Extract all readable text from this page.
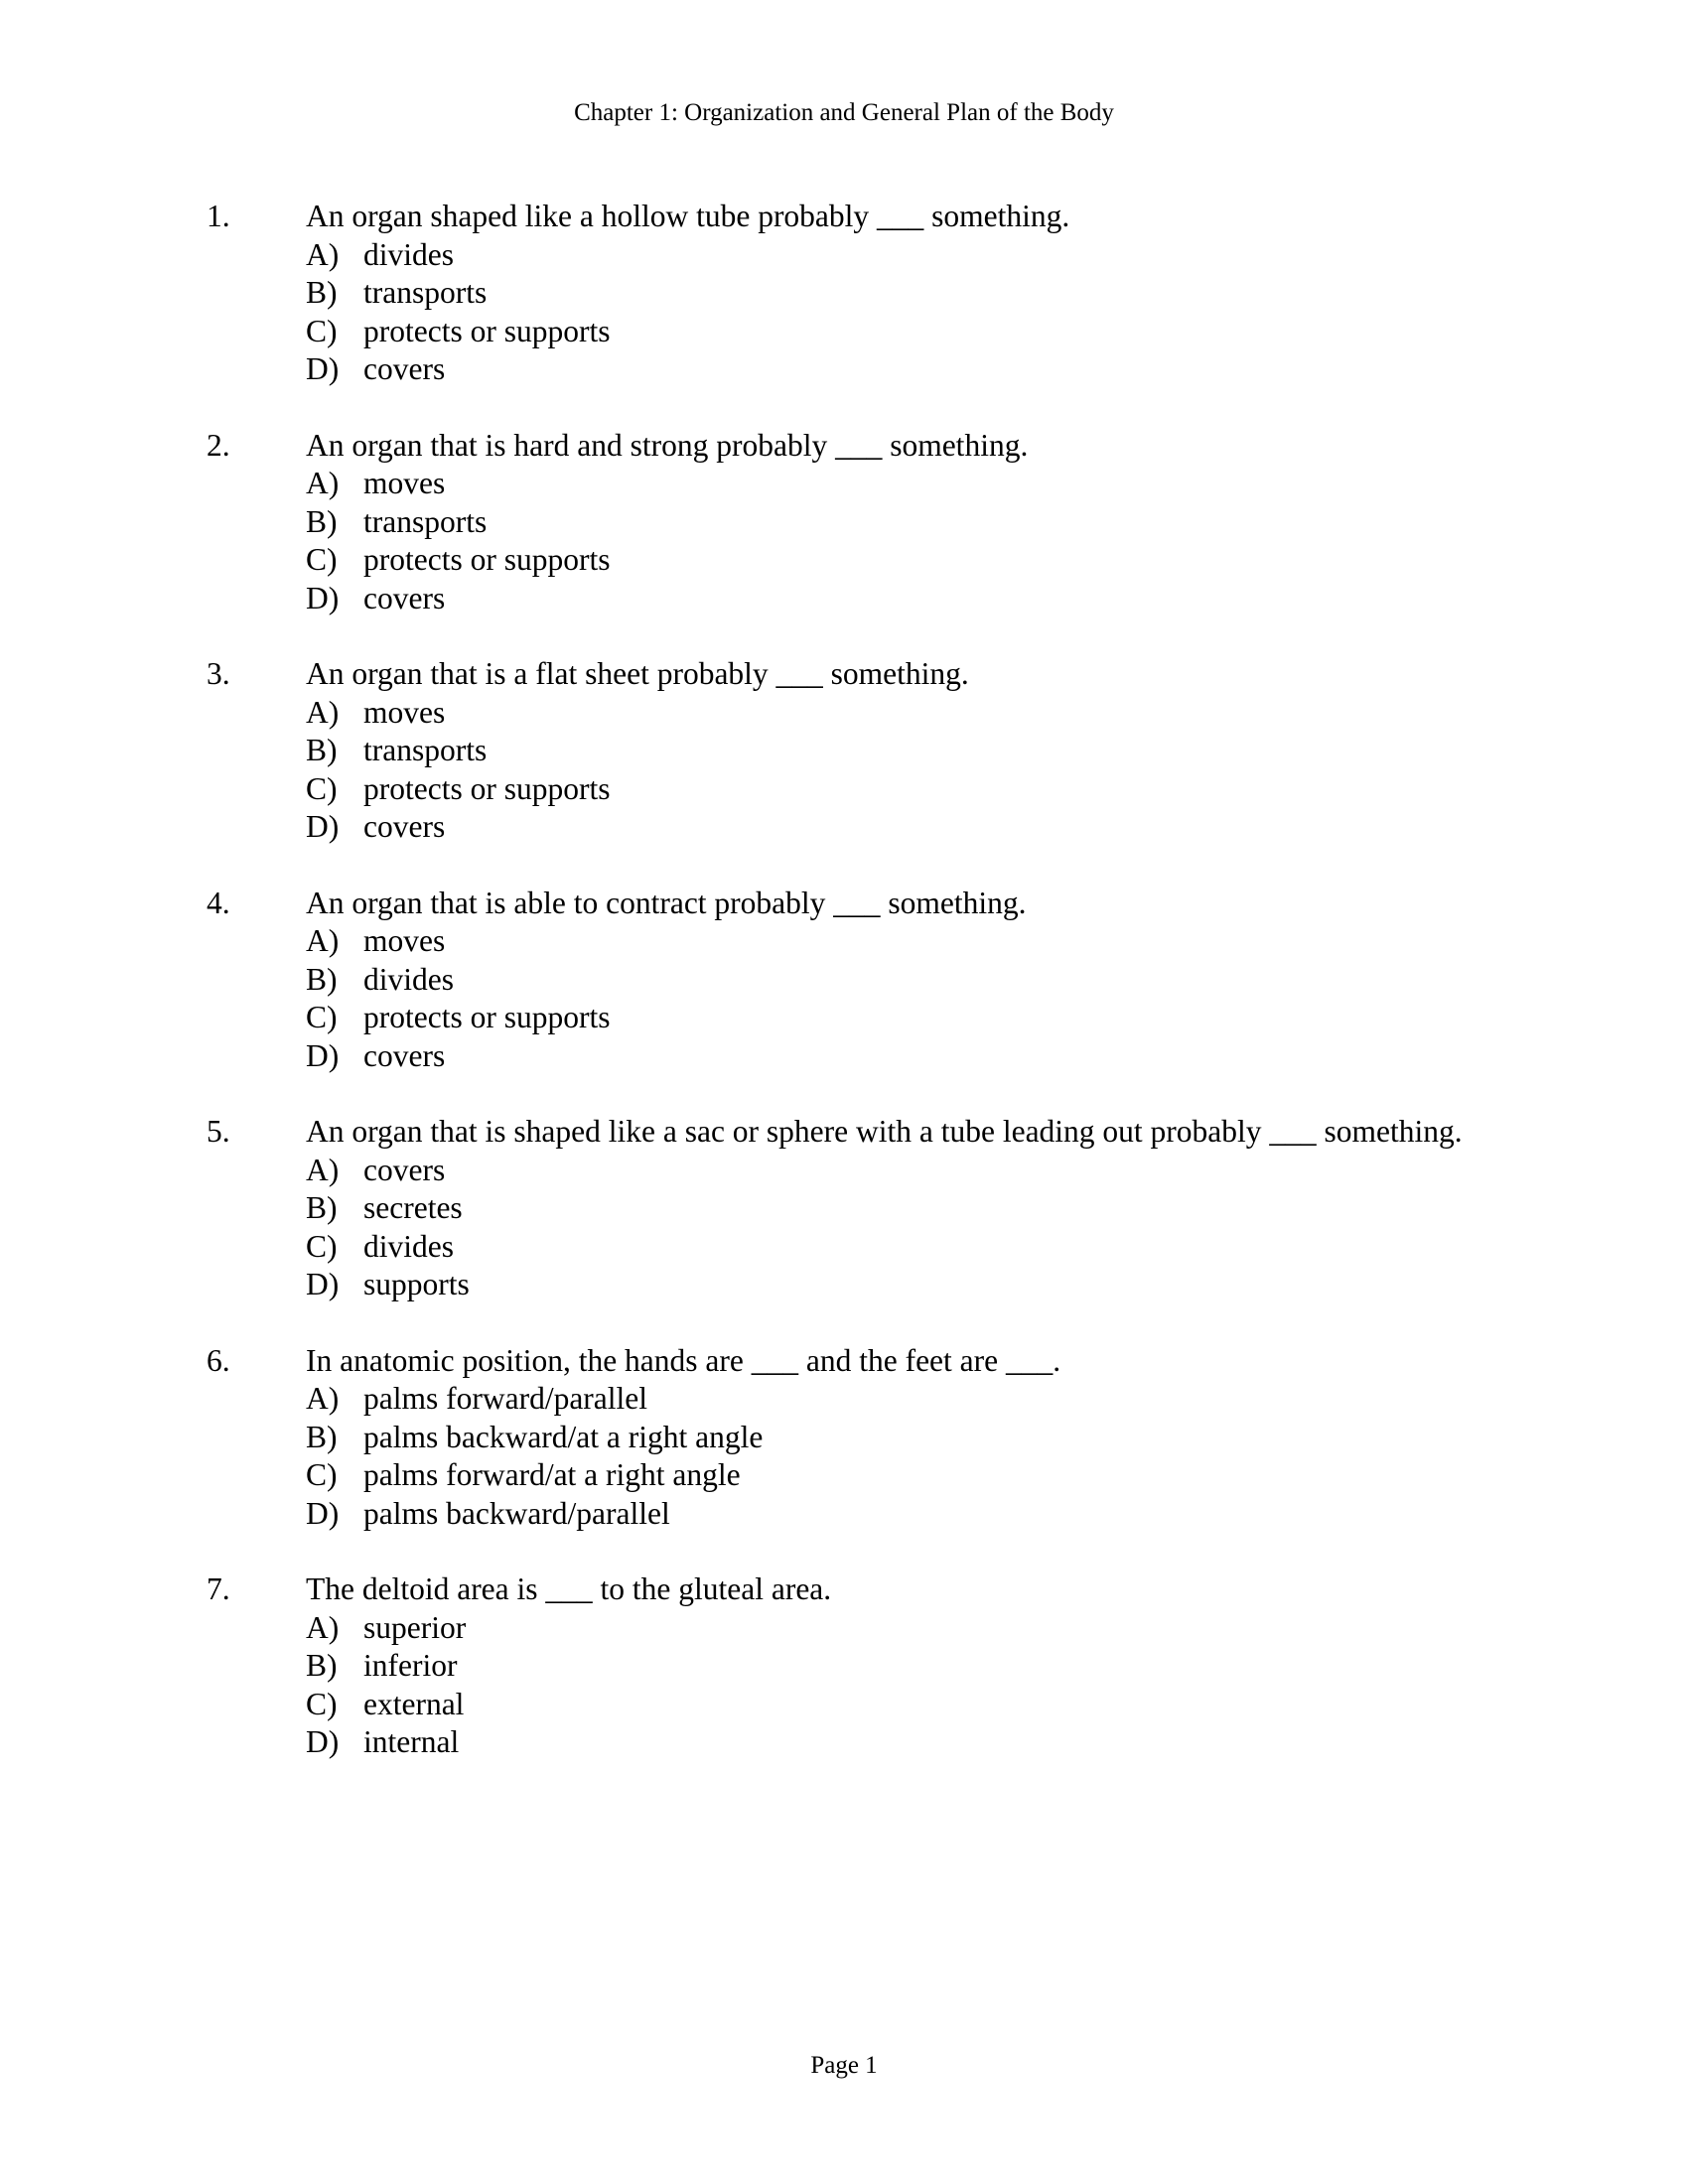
Chapter 1: Organization and General Plan of the Body
1. An organ shaped like a hollow tube probably ___ something.
A) divides
B) transports
C) protects or supports
D) covers
2. An organ that is hard and strong probably ___ something.
A) moves
B) transports
C) protects or supports
D) covers
3. An organ that is a flat sheet probably ___ something.
A) moves
B) transports
C) protects or supports
D) covers
4. An organ that is able to contract probably ___ something.
A) moves
B) divides
C) protects or supports
D) covers
5. An organ that is shaped like a sac or sphere with a tube leading out probably ___ something.
A) covers
B) secretes
C) divides
D) supports
6. In anatomic position, the hands are ___ and the feet are ___.
A) palms forward/parallel
B) palms backward/at a right angle
C) palms forward/at a right angle
D) palms backward/parallel
7. The deltoid area is ___ to the gluteal area.
A) superior
B) inferior
C) external
D) internal
Page 1
